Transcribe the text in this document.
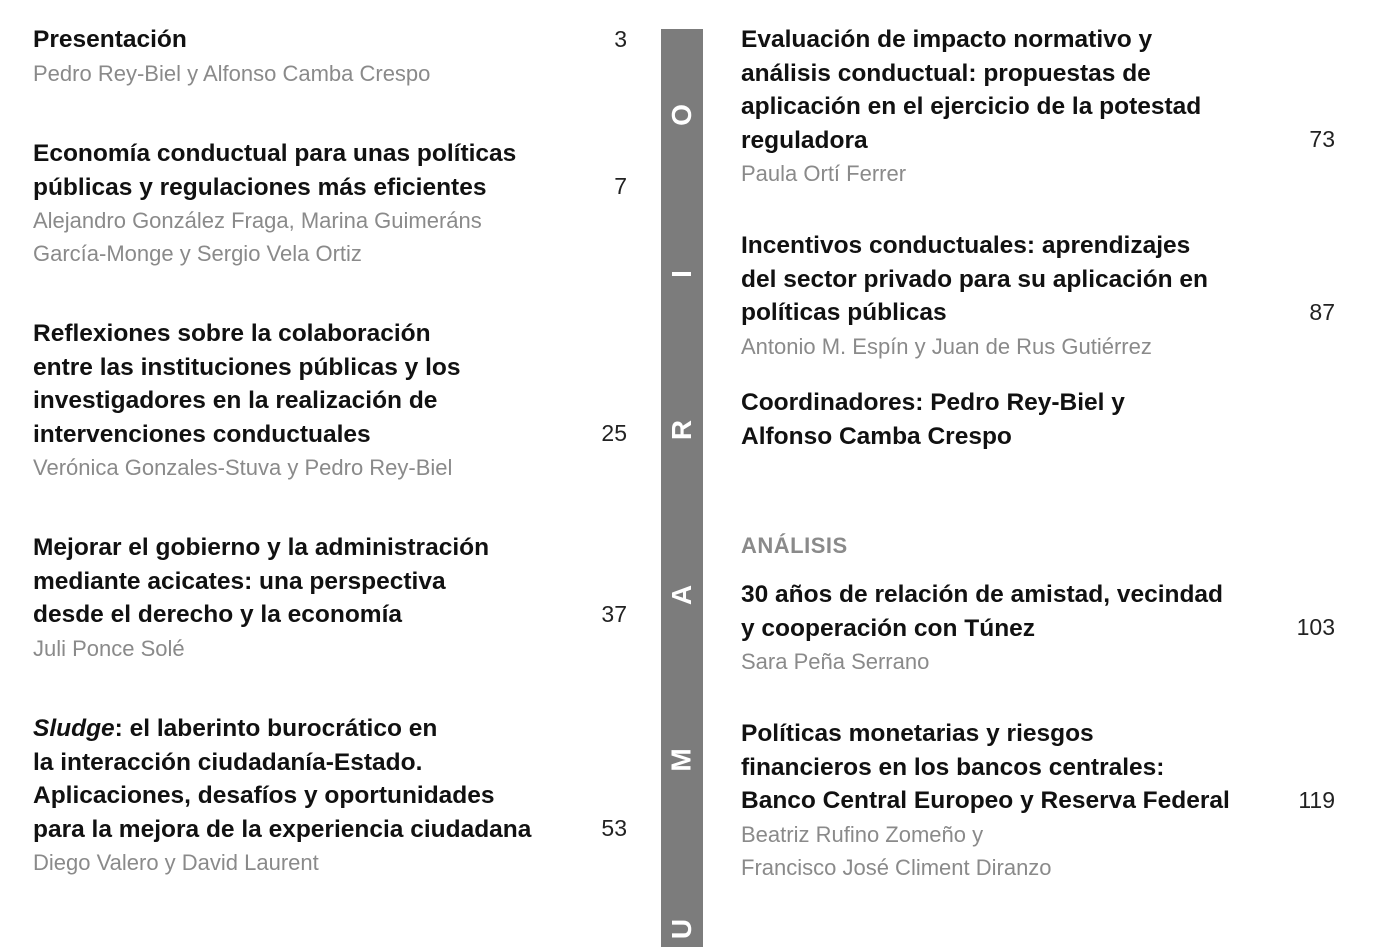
Presentación
Pedro Rey-Biel y Alfonso Camba Crespo
3
Economía conductual para unas políticas
públicas y regulaciones más eficientes
Alejandro González Fraga, Marina Guimeráns
García-Monge y Sergio Vela Ortiz
7
Reflexiones sobre la colaboración
entre las instituciones públicas y los
investigadores en la realización de
intervenciones conductuales
Verónica Gonzales-Stuva y Pedro Rey-Biel
25
Mejorar el gobierno y la administración
mediante acicates: una perspectiva
desde el derecho y la economía
Juli Ponce Solé
37
Sludge: el laberinto burocrático en
la interacción ciudadanía-Estado.
Aplicaciones, desafíos y oportunidades
para la mejora de la experiencia ciudadana
Diego Valero y David Laurent
53
O
I
R
A
M
U
Evaluación de impacto normativo y
análisis conductual: propuestas de
aplicación en el ejercicio de la potestad
reguladora
Paula Ortí Ferrer
73
Incentivos conductuales: aprendizajes
del sector privado para su aplicación en
políticas públicas
Antonio M. Espín y Juan de Rus Gutiérrez
87
Coordinadores: Pedro Rey-Biel y
Alfonso Camba Crespo
ANÁLISIS
30 años de relación de amistad, vecindad
y cooperación con Túnez
Sara Peña Serrano
103
Políticas monetarias y riesgos
financieros en los bancos centrales:
Banco Central Europeo y Reserva Federal
Beatriz Rufino Zomeño y
Francisco José Climent Diranzo
119
